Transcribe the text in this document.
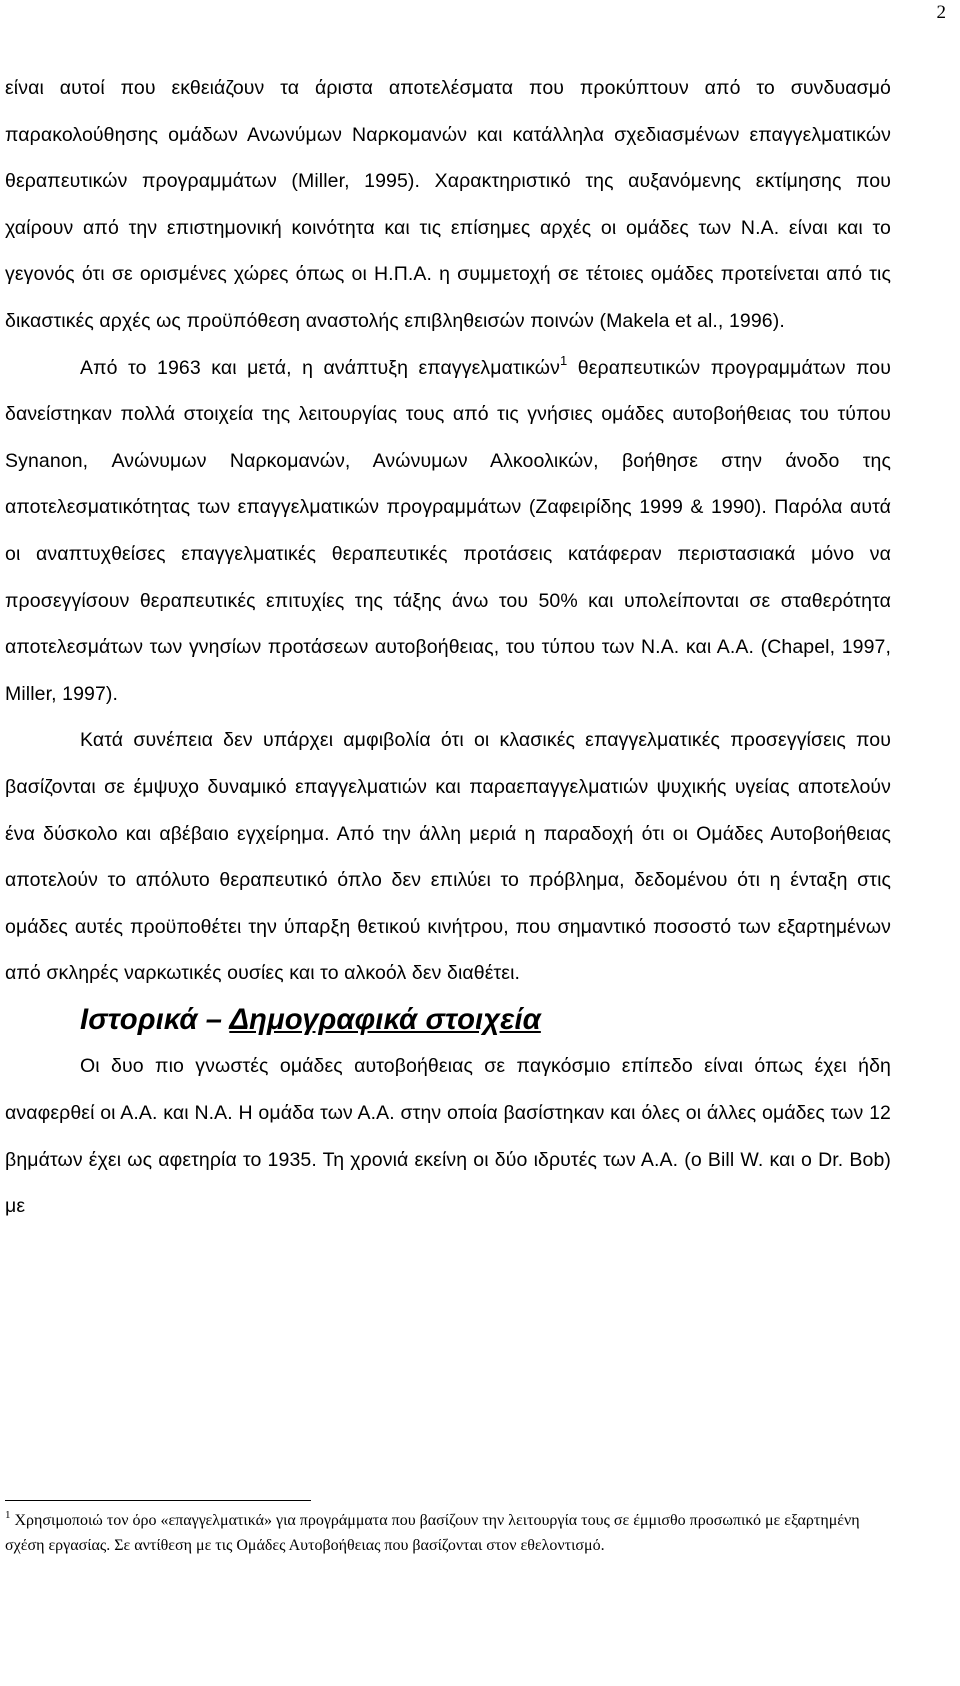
2

είναι αυτοί που εκθειάζουν τα άριστα αποτελέσματα που προκύπτουν από το συνδυασμό παρακολούθησης ομάδων Ανωνύμων Ναρκομανών και κατάλληλα σχεδιασμένων επαγγελματικών θεραπευτικών προγραμμάτων (Miller, 1995). Χαρακτηριστικό της αυξανόμενης εκτίμησης που χαίρουν από την επιστημονική κοινότητα και τις επίσημες αρχές οι ομάδες των Ν.Α. είναι και το γεγονός ότι σε ορισμένες χώρες όπως οι Η.Π.Α. η συμμετοχή σε τέτοιες ομάδες προτείνεται από τις δικαστικές αρχές ως προϋπόθεση αναστολής επιβληθεισών ποινών (Makela et al., 1996).

Από το 1963 και μετά, η ανάπτυξη επαγγελματικών$^1$ θεραπευτικών προγραμμάτων που δανείστηκαν πολλά στοιχεία της λειτουργίας τους από τις γνήσιες ομάδες αυτοβοήθειας του τύπου Synanon, Ανώνυμων Ναρκομανών, Ανώνυμων Αλκοολικών, βοήθησε στην άνοδο της αποτελεσματικότητας των επαγγελματικών προγραμμάτων (Ζαφειρίδης 1999 & 1990). Παρόλα αυτά οι αναπτυχθείσες επαγγελματικές θεραπευτικές προτάσεις κατάφεραν περιστασιακά μόνο να προσεγγίσουν θεραπευτικές επιτυχίες της τάξης άνω του 50% και υπολείπονται σε σταθερότητα αποτελεσμάτων των γνησίων προτάσεων αυτοβοήθειας, του τύπου των Ν.Α. και Α.Α. (Chapel, 1997, Miller, 1997).

Κατά συνέπεια δεν υπάρχει αμφιβολία ότι οι κλασικές επαγγελματικές προσεγγίσεις που βασίζονται σε έμψυχο δυναμικό επαγγελματιών και παραεπαγγελματιών ψυχικής υγείας αποτελούν ένα δύσκολο και αβέβαιο εγχείρημα. Από την άλλη μεριά η παραδοχή ότι οι Ομάδες Αυτοβοήθειας αποτελούν το απόλυτο θεραπευτικό όπλο δεν επιλύει το πρόβλημα, δεδομένου ότι η ένταξη στις ομάδες αυτές προϋποθέτει την ύπαρξη θετικού κινήτρου, που σημαντικό ποσοστό των εξαρτημένων από σκληρές ναρκωτικές ουσίες και το αλκοόλ δεν διαθέτει.

Ιστορικά – Δημογραφικά στοιχεία

Οι δυο πιο γνωστές ομάδες αυτοβοήθειας σε παγκόσμιο επίπεδο είναι όπως έχει ήδη αναφερθεί οι Α.Α. και Ν.Α. Η ομάδα των Α.Α. στην οποία βασίστηκαν και όλες οι άλλες ομάδες των 12 βημάτων έχει ως αφετηρία το 1935. Τη χρονιά εκείνη οι δύο ιδρυτές των Α.Α. (ο Bill W. και ο Dr. Bob) με

$^1$ Χρησιμοποιώ τον όρο «επαγγελματικά» για προγράμματα που βασίζουν την λειτουργία τους σε έμμισθο προσωπικό με εξαρτημένη σχέση εργασίας. Σε αντίθεση με τις Ομάδες Αυτοβοήθειας που βασίζονται στον εθελοντισμό.
